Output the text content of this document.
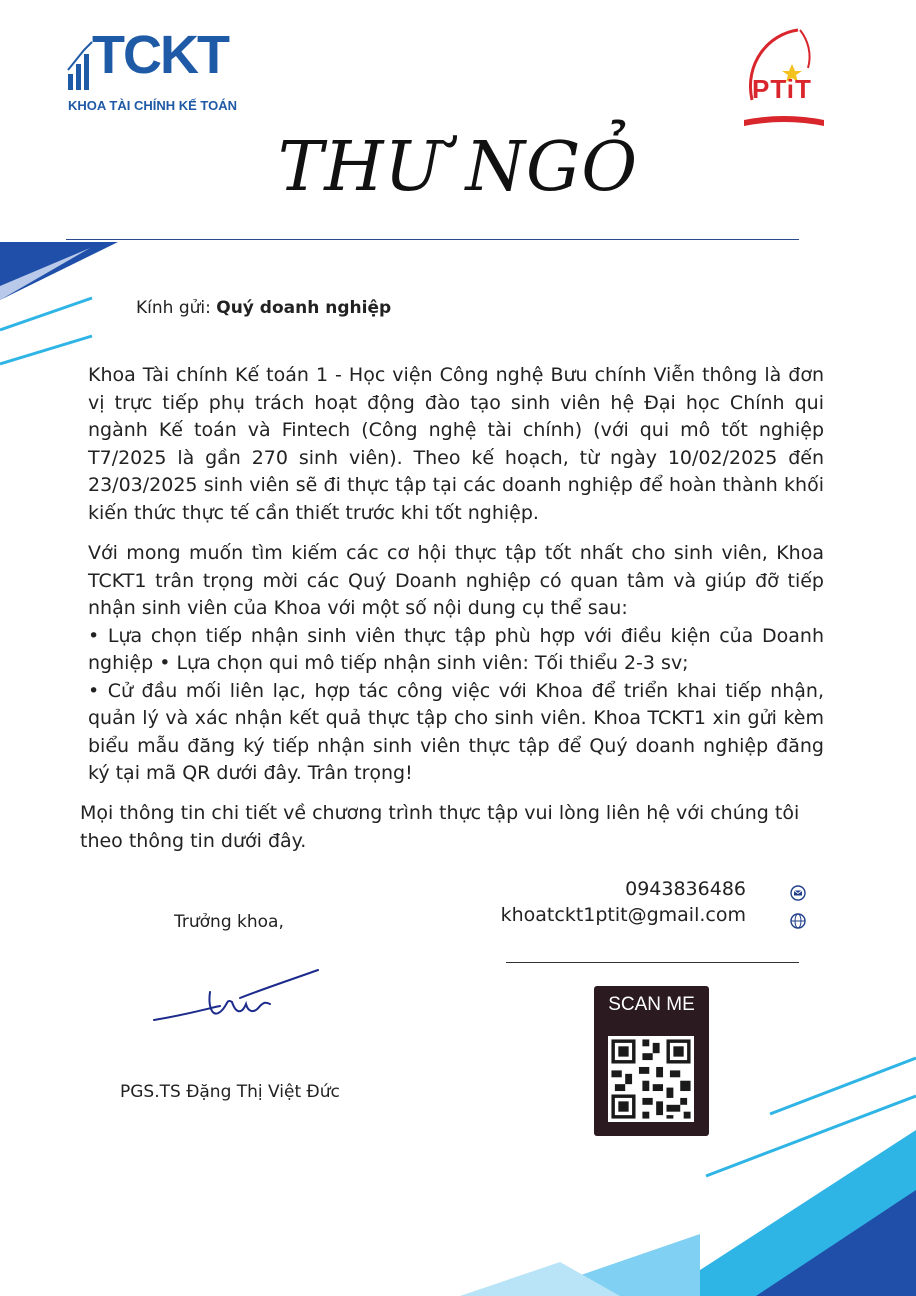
TCKT
KHOA TÀI CHÍNH KẾ TOÁN
PTiT
THƯ NGỎ
Kính gửi: Quý doanh nghiệp
Khoa Tài chính Kế toán 1 - Học viện Công nghệ Bưu chính Viễn thông là đơn vị trực tiếp phụ trách hoạt động đào tạo sinh viên hệ Đại học Chính qui ngành Kế toán và Fintech (Công nghệ tài chính) (với qui mô tốt nghiệp T7/2025 là gần 270 sinh viên). Theo kế hoạch, từ ngày 10/02/2025 đến 23/03/2025 sinh viên sẽ đi thực tập tại các doanh nghiệp để hoàn thành khối kiến thức thực tế cần thiết trước khi tốt nghiệp.
Với mong muốn tìm kiếm các cơ hội thực tập tốt nhất cho sinh viên, Khoa TCKT1 trân trọng mời các Quý Doanh nghiệp có quan tâm và giúp đỡ tiếp nhận sinh viên của Khoa với một số nội dung cụ thể sau:
• Lựa chọn tiếp nhận sinh viên thực tập phù hợp với điều kiện của Doanh nghiệp • Lựa chọn qui mô tiếp nhận sinh viên: Tối thiểu 2-3 sv;
• Cử đầu mối liên lạc, hợp tác công việc với Khoa để triển khai tiếp nhận, quản lý và xác nhận kết quả thực tập cho sinh viên. Khoa TCKT1 xin gửi kèm biểu mẫu đăng ký tiếp nhận sinh viên thực tập để Quý doanh nghiệp đăng ký tại mã QR dưới đây. Trân trọng!
Mọi thông tin chi tiết về chương trình thực tập vui lòng liên hệ với chúng tôi theo thông tin dưới đây.
0943836486
khoatckt1ptit@gmail.com
Trưởng khoa,
PGS.TS Đặng Thị Việt Đức
SCAN ME
